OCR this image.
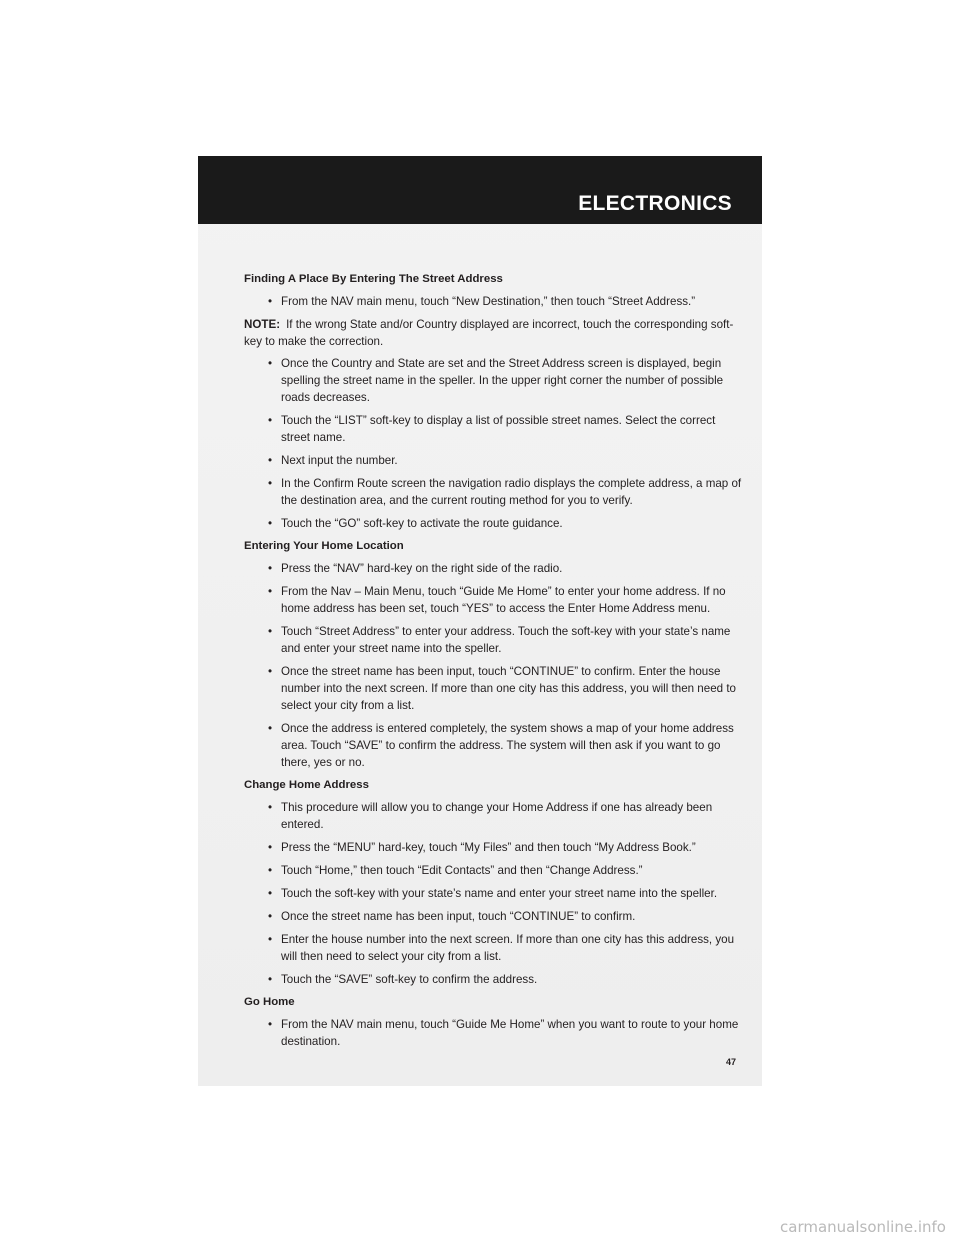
ELECTRONICS
Finding A Place By Entering The Street Address
• From the NAV main menu, touch “New Destination,” then touch “Street Address.”
NOTE: If the wrong State and/or Country displayed are incorrect, touch the corresponding soft-key to make the correction.
• Once the Country and State are set and the Street Address screen is displayed, begin spelling the street name in the speller. In the upper right corner the number of possible roads decreases.
• Touch the “LIST” soft-key to display a list of possible street names. Select the correct street name.
• Next input the number.
• In the Confirm Route screen the navigation radio displays the complete address, a map of the destination area, and the current routing method for you to verify.
• Touch the “GO” soft-key to activate the route guidance.
Entering Your Home Location
• Press the “NAV” hard-key on the right side of the radio.
• From the Nav – Main Menu, touch “Guide Me Home” to enter your home address. If no home address has been set, touch “YES” to access the Enter Home Address menu.
• Touch “Street Address” to enter your address. Touch the soft-key with your state’s name and enter your street name into the speller.
• Once the street name has been input, touch “CONTINUE” to confirm. Enter the house number into the next screen. If more than one city has this address, you will then need to select your city from a list.
• Once the address is entered completely, the system shows a map of your home address area. Touch “SAVE” to confirm the address. The system will then ask if you want to go there, yes or no.
Change Home Address
• This procedure will allow you to change your Home Address if one has already been entered.
• Press the “MENU” hard-key, touch “My Files” and then touch “My Address Book.”
• Touch “Home,” then touch “Edit Contacts” and then “Change Address.”
• Touch the soft-key with your state’s name and enter your street name into the speller.
• Once the street name has been input, touch “CONTINUE” to confirm.
• Enter the house number into the next screen. If more than one city has this address, you will then need to select your city from a list.
• Touch the “SAVE” soft-key to confirm the address.
Go Home
• From the NAV main menu, touch “Guide Me Home” when you want to route to your home destination.
47
carmanualsonline.info
